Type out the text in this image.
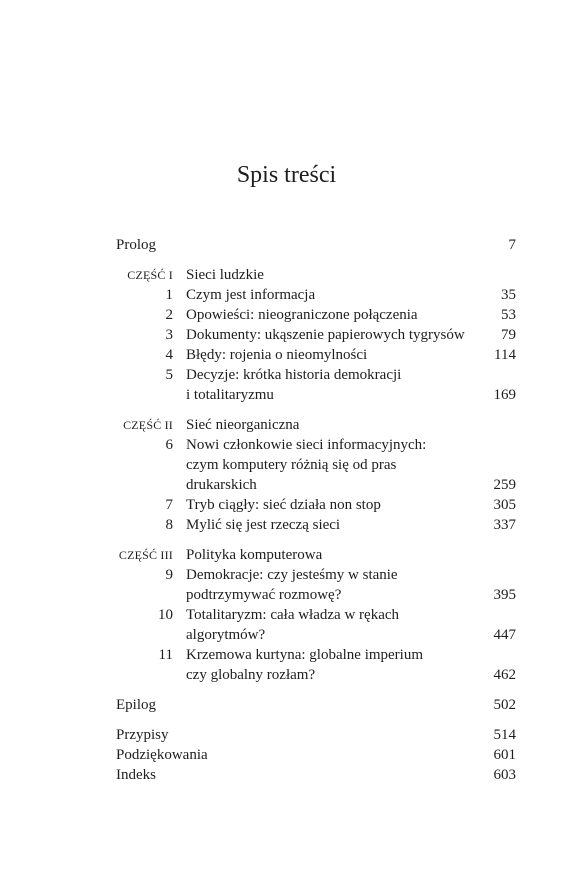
Spis treści
Prolog	7
CZĘŚĆ I Sieci ludzkie
1 Czym jest informacja	35
2 Opowieści: nieograniczone połączenia	53
3 Dokumenty: ukąszenie papierowych tygrysów 79
4 Błędy: rojenia o nieomylności	114
5 Decyzje: krótka historia demokracji
i totalitaryzmu	169
CZĘŚĆ II Sieć nieorganiczna
6 Nowi członkowie sieci informacyjnych:
czym komputery różnią się od pras
drukarskich	259
7 Tryb ciągły: sieć działa non stop	305
8 Mylić się jest rzeczą sieci	337
CZĘŚĆ III Polityka komputerowa
9 Demokracje: czy jesteśmy w stanie
podtrzymywać rozmowę?	395
10 Totalitaryzm: cała władza w rękach
algorytmów?	447
11 Krzemowa kurtyna: globalne imperium
czy globalny rozłam?	462
Epilog	502
Przypisy	514
Podziękowania	601
Indeks	603
